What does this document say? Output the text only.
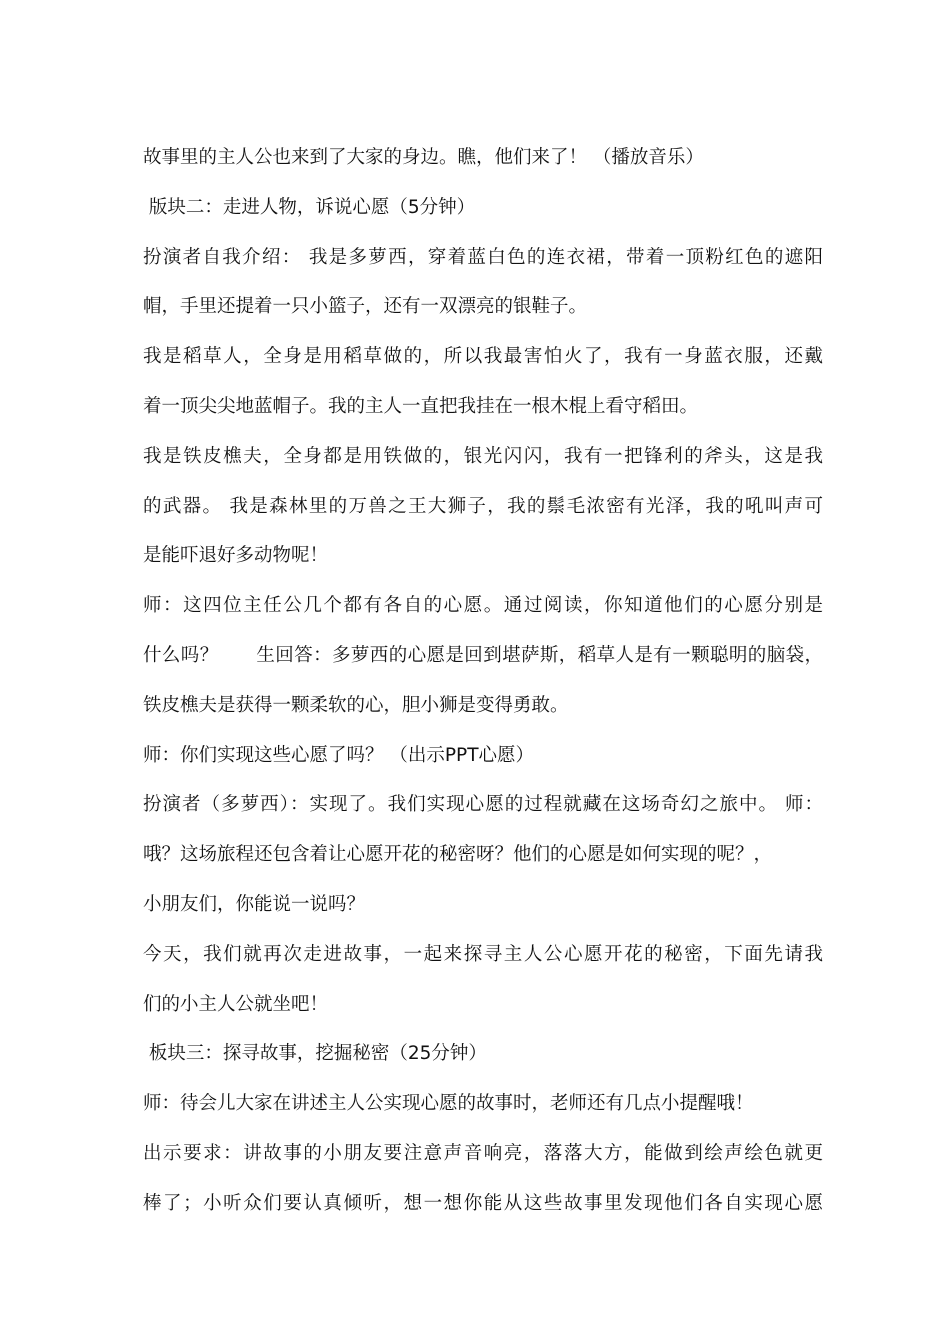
故事里的主人公也来到了大家的身边。瞧，他们来了！ （播放音乐）
版块二：走进人物，诉说心愿（5分钟）
扮演者自我介绍： 我是多萝西，穿着蓝白色的连衣裙，带着一顶粉红色的遮阳
帽，手里还提着一只小篮子，还有一双漂亮的银鞋子。
我是稻草人，全身是用稻草做的，所以我最害怕火了，我有一身蓝衣服，还戴
着一顶尖尖地蓝帽子。我的主人一直把我挂在一根木棍上看守稻田。
我是铁皮樵夫，全身都是用铁做的，银光闪闪，我有一把锋利的斧头，这是我
的武器。 我是森林里的万兽之王大狮子，我的鬃毛浓密有光泽，我的吼叫声可
是能吓退好多动物呢！
师：这四位主任公几个都有各自的心愿。通过阅读，你知道他们的心愿分别是
什么吗？　　生回答：多萝西的心愿是回到堪萨斯，稻草人是有一颗聪明的脑袋，
铁皮樵夫是获得一颗柔软的心，胆小狮是变得勇敢。
师：你们实现这些心愿了吗？ （出示PPT心愿）
扮演者（多萝西）：实现了。我们实现心愿的过程就藏在这场奇幻之旅中。 师：
哦？这场旅程还包含着让心愿开花的秘密呀？他们的心愿是如何实现的呢？，
小朋友们，你能说一说吗？
今天，我们就再次走进故事，一起来探寻主人公心愿开花的秘密，下面先请我
们的小主人公就坐吧！
板块三：探寻故事，挖掘秘密（25分钟）
师：待会儿大家在讲述主人公实现心愿的故事时，老师还有几点小提醒哦！
出示要求：讲故事的小朋友要注意声音响亮，落落大方，能做到绘声绘色就更
棒了；小听众们要认真倾听，想一想你能从这些故事里发现他们各自实现心愿
